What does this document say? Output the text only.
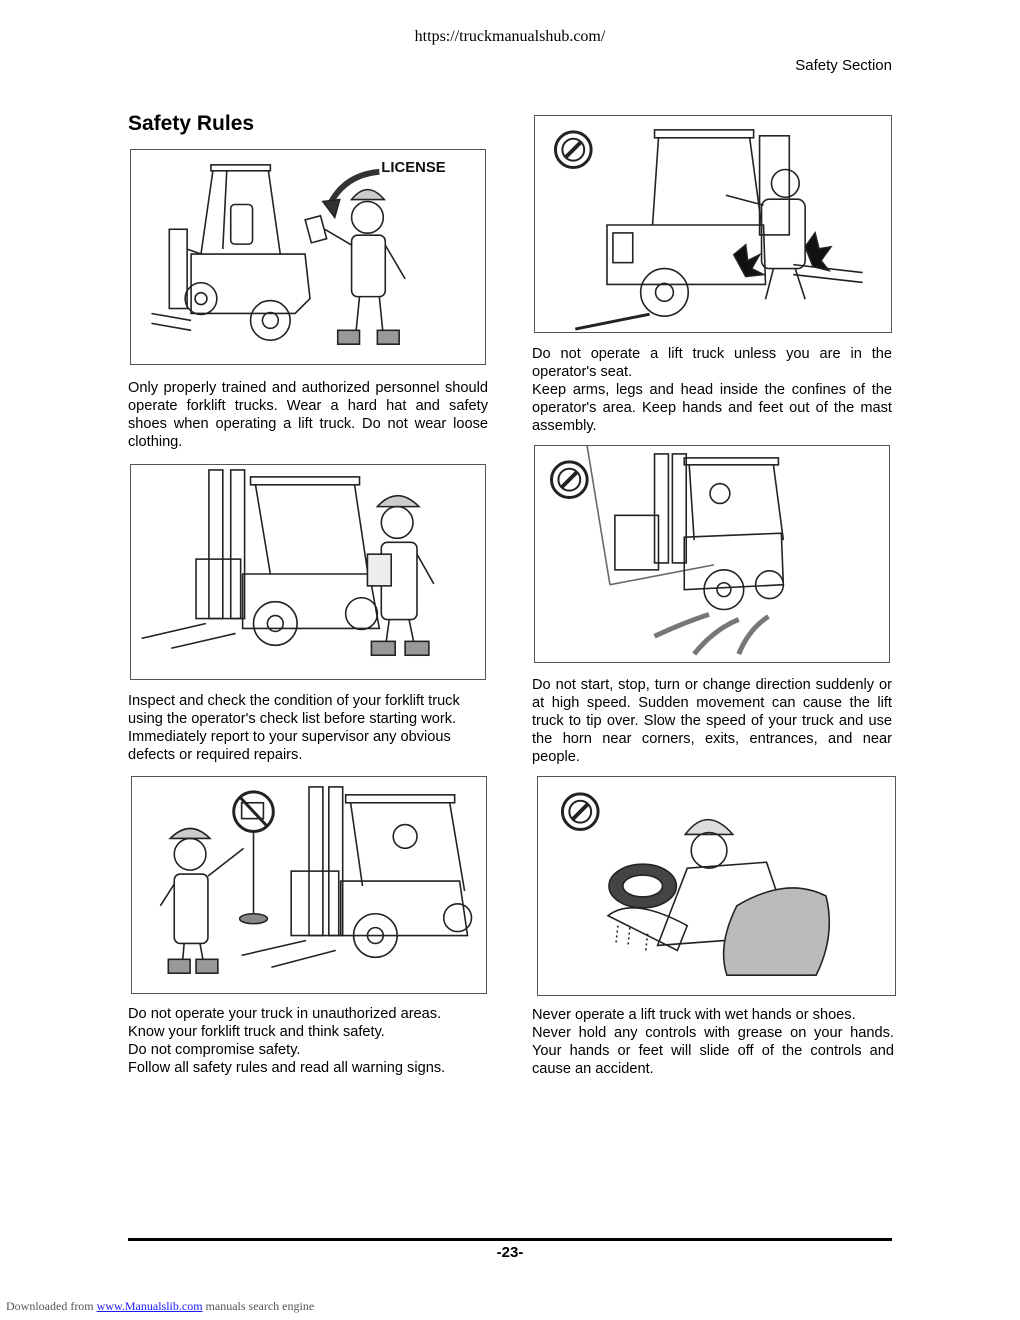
https://truckmanualshub.com/
Safety Section
Safety Rules
LICENSE

Only properly trained and authorized personnel should operate forklift trucks. Wear a hard hat and safety shoes when operating a lift truck. Do not wear loose clothing.

Inspect and check the condition of your forklift truck using the operator's check list before starting work. Immediately report to your supervisor any obvious defects or required repairs.

Do not operate your truck in unauthorized areas.

Know your forklift truck and think safety.

Do not compromise safety.

Follow all safety rules and read all warning signs.

Do not operate a lift truck unless you are in the operator's seat.

Keep arms, legs and head inside the confines of the operator's area. Keep hands and feet out of the mast assembly.

Do not start, stop, turn or change direction suddenly or at high speed. Sudden movement can cause the lift truck to tip over. Slow the speed of your truck and use the horn near corners, exits, entrances, and near people.

Never operate a lift truck with wet hands or shoes.

Never hold any controls with grease on your hands. Your hands or feet will slide off of the controls and cause an accident.

-23-
Downloaded from www.Manualslib.com manuals search engine
